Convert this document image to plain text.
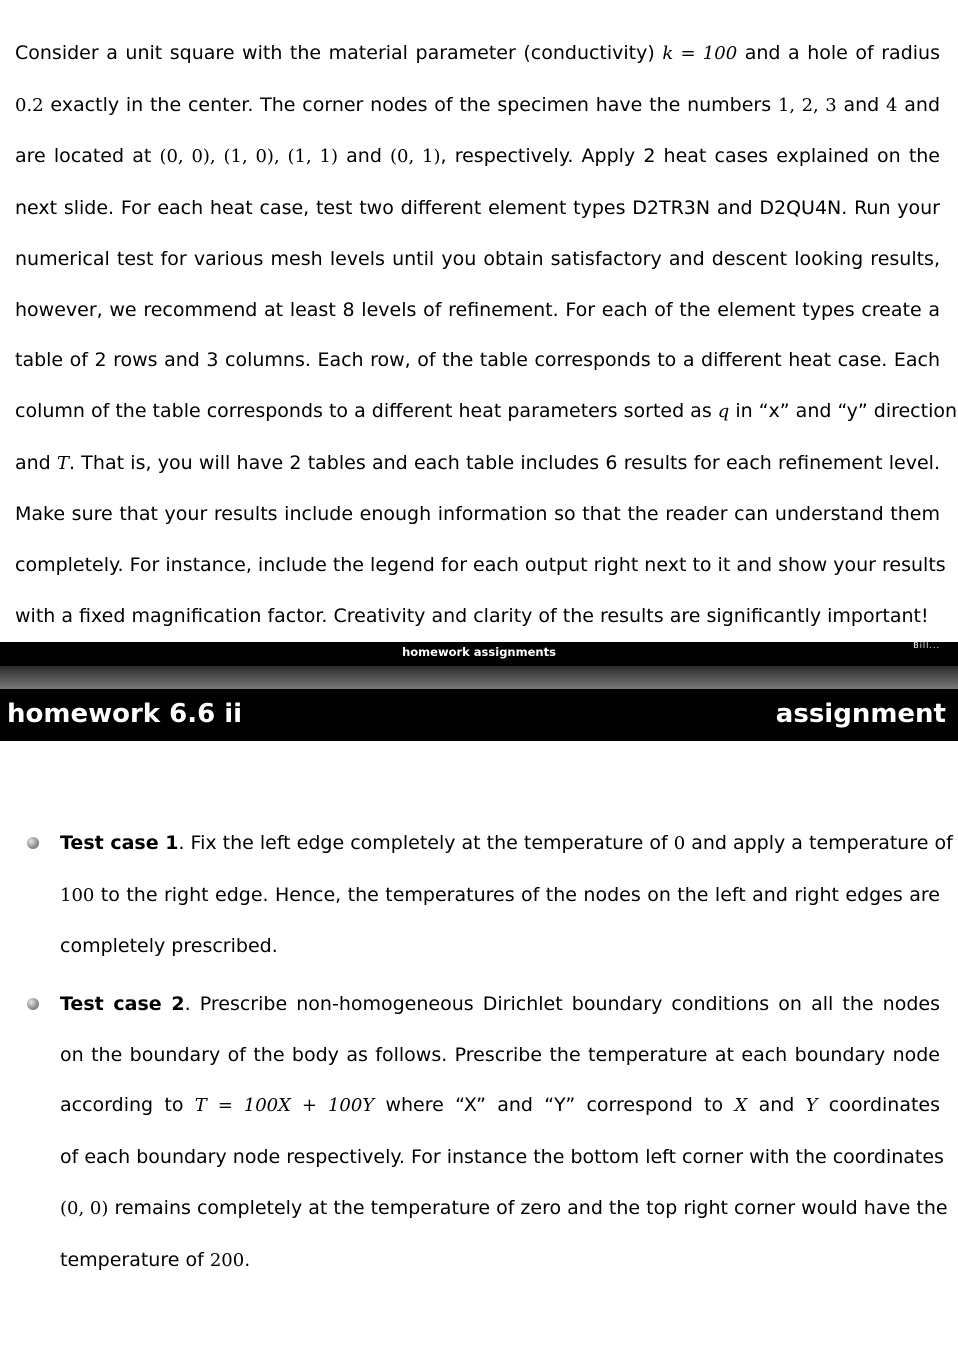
Consider a unit square with the material parameter (conductivity) k = 100 and a hole of radius
0.2 exactly in the center. The corner nodes of the specimen have the numbers 1, 2, 3 and 4 and
are located at (0, 0), (1, 0), (1, 1) and (0, 1), respectively. Apply 2 heat cases explained on the
next slide. For each heat case, test two different element types D2TR3N and D2QU4N. Run your
numerical test for various mesh levels until you obtain satisfactory and descent looking results,
however, we recommend at least 8 levels of refinement. For each of the element types create a
table of 2 rows and 3 columns. Each row, of the table corresponds to a different heat case. Each
column of the table corresponds to a different heat parameters sorted as q in “x” and “y” direction
and T. That is, you will have 2 tables and each table includes 6 results for each refinement level.
Make sure that your results include enough information so that the reader can understand them
completely. For instance, include the legend for each output right next to it and show your results
with a fixed magnification factor. Creativity and clarity of the results are significantly important!
homework assignments	Bill...
homework 6.6 ii	assignment
Test case 1. Fix the left edge completely at the temperature of 0 and apply a temperature of
100 to the right edge. Hence, the temperatures of the nodes on the left and right edges are
completely prescribed.
Test case 2. Prescribe non-homogeneous Dirichlet boundary conditions on all the nodes
on the boundary of the body as follows. Prescribe the temperature at each boundary node
according to T = 100X + 100Y where “X” and “Y” correspond to X and Y coordinates
of each boundary node respectively. For instance the bottom left corner with the coordinates
(0, 0) remains completely at the temperature of zero and the top right corner would have the
temperature of 200.
